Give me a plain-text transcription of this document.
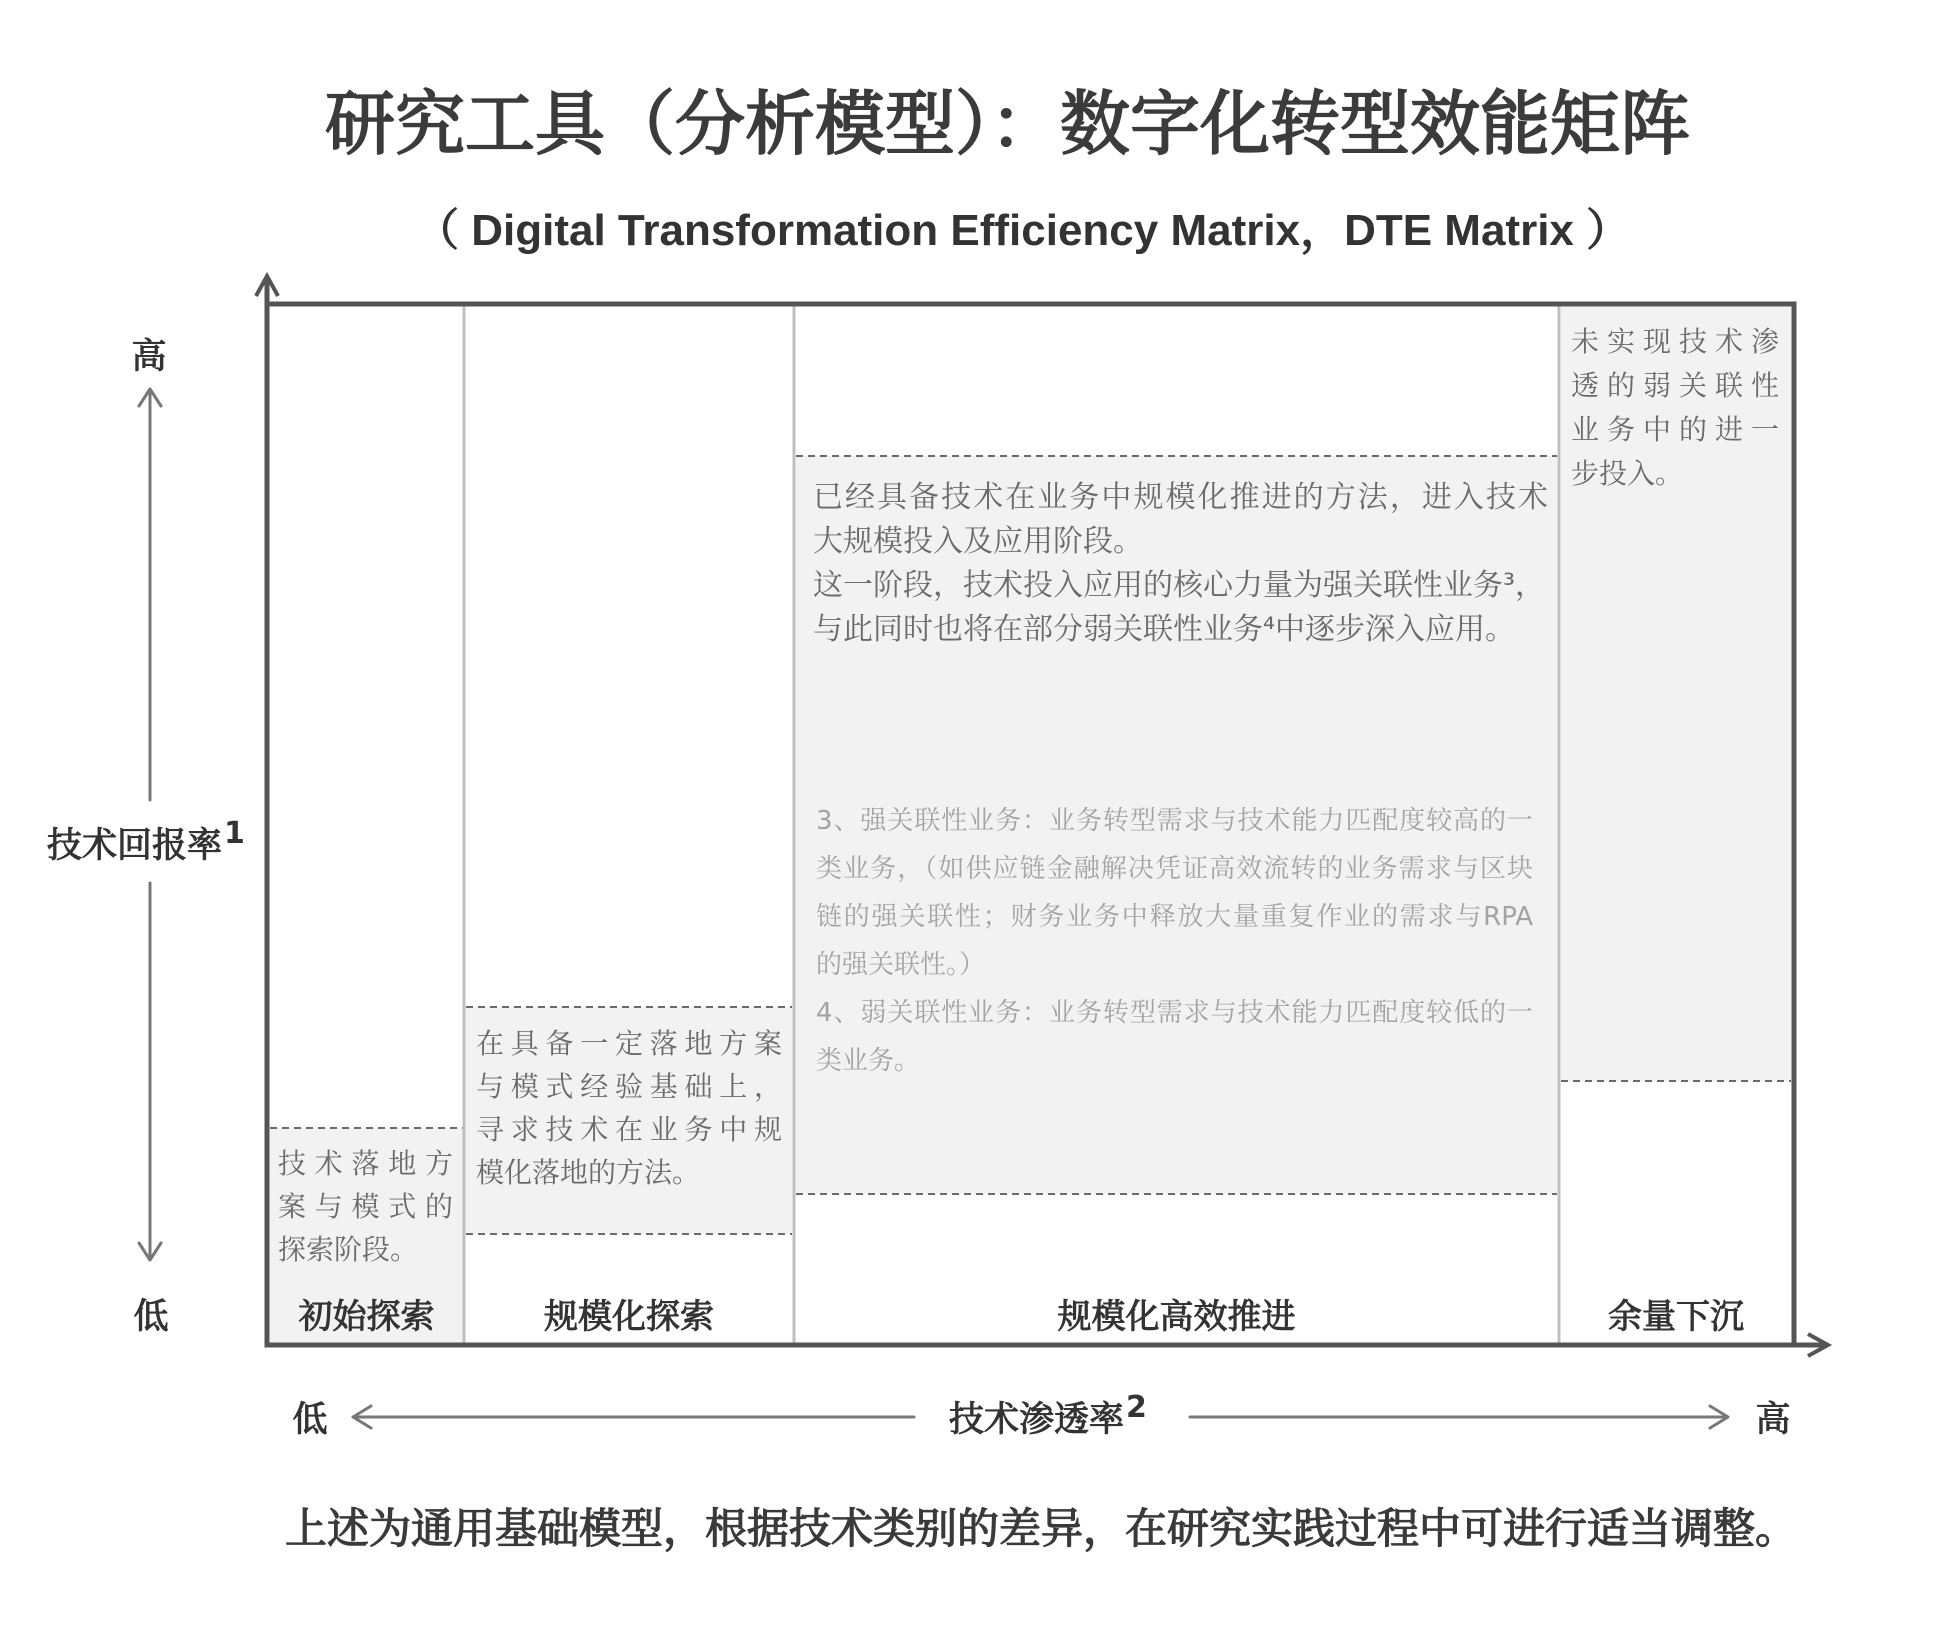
研究工具（分析模型）：数字化转型效能矩阵
（ Digital Transformation Efficiency Matrix，DTE Matrix ）
技术落地方
案与模式的
探索阶段。
在具备一定落地方案
与模式经验基础上，
寻求技术在业务中规
模化落地的方法。
已经具备技术在业务中规模化推进的方法，进入技术
大规模投入及应用阶段。
这一阶段，技术投入应用的核心力量为强关联性业务³，
与此同时也将在部分弱关联性业务⁴中逐步深入应用。
3、强关联性业务：业务转型需求与技术能力匹配度较高的一
类业务，（如供应链金融解决凭证高效流转的业务需求与区块
链的强关联性；财务业务中释放大量重复作业的需求与RPA
的强关联性。）
4、弱关联性业务：业务转型需求与技术能力匹配度较低的一
类业务。
未实现技术渗
透的弱关联性
业务中的进一
步投入。
初始探索	规模化探索	规模化高效推进	余量下沉
高
低
技术回报率$^1$
低	高
技术渗透率$^2$
上述为通用基础模型，根据技术类别的差异，在研究实践过程中可进行适当调整。
